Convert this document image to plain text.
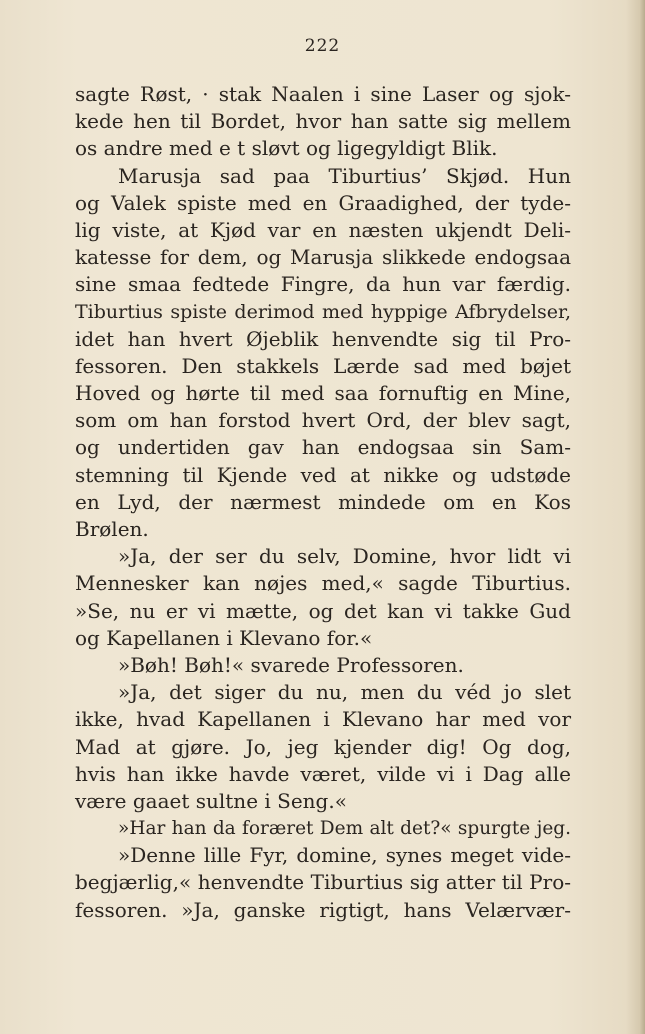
222
sagte Røst, · stak Naalen i sine Laser og sjok-
kede hen til Bordet, hvor han satte sig mellem
os andre med e t sløvt og ligegyldigt Blik.
Marusja sad paa Tiburtius’ Skjød. Hun
og Valek spiste med en Graadighed, der tyde-
lig viste, at Kjød var en næsten ukjendt Deli-
katesse for dem, og Marusja slikkede endogsaa
sine smaa fedtede Fingre, da hun var færdig.
Tiburtius spiste derimod med hyppige Afbrydelser,
idet han hvert Øjeblik henvendte sig til Pro-
fessoren. Den stakkels Lærde sad med bøjet
Hoved og hørte til med saa fornuftig en Mine,
som om han forstod hvert Ord, der blev sagt,
og undertiden gav han endogsaa sin Sam-
stemning til Kjende ved at nikke og udstøde
en Lyd, der nærmest mindede om en Kos
Brølen.
»Ja, der ser du selv, Domine, hvor lidt vi
Mennesker kan nøjes med,« sagde Tiburtius.
»Se, nu er vi mætte, og det kan vi takke Gud
og Kapellanen i Klevano for.«
»Bøh! Bøh!« svarede Professoren.
»Ja, det siger du nu, men du véd jo slet
ikke, hvad Kapellanen i Klevano har med vor
Mad at gjøre. Jo, jeg kjender dig! Og dog,
hvis han ikke havde været, vilde vi i Dag alle
være gaaet sultne i Seng.«
»Har han da foræret Dem alt det?« spurgte jeg.
»Denne lille Fyr, domine, synes meget vide-
begjærlig,« henvendte Tiburtius sig atter til Pro-
fessoren. »Ja, ganske rigtigt, hans Velærvær-
